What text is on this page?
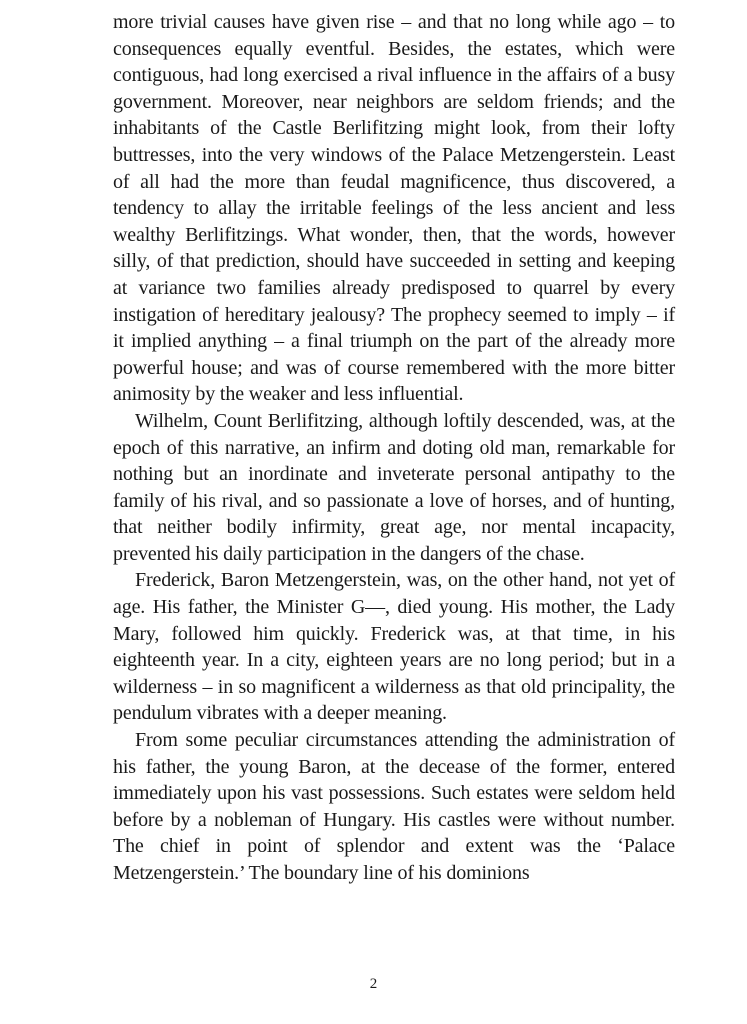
more trivial causes have given rise – and that no long while ago – to consequences equally eventful. Besides, the estates, which were contiguous, had long exercised a rival influence in the affairs of a busy government. Moreover, near neighbors are seldom friends; and the inhabitants of the Castle Berlifitzing might look, from their lofty buttresses, into the very windows of the Palace Metzengerstein. Least of all had the more than feudal magnificence, thus discovered, a tendency to allay the irritable feelings of the less ancient and less wealthy Berlifitzings. What wonder, then, that the words, however silly, of that prediction, should have succeeded in setting and keeping at variance two families already predisposed to quarrel by every instigation of hereditary jealousy? The prophecy seemed to imply – if it implied anything – a final triumph on the part of the already more powerful house; and was of course remembered with the more bitter animosity by the weaker and less influential.

Wilhelm, Count Berlifitzing, although loftily descended, was, at the epoch of this narrative, an infirm and doting old man, remarkable for nothing but an inordinate and inveterate personal antipathy to the family of his rival, and so passionate a love of horses, and of hunting, that neither bodily infirmity, great age, nor mental incapacity, prevented his daily participation in the dangers of the chase.

Frederick, Baron Metzengerstein, was, on the other hand, not yet of age. His father, the Minister G—, died young. His mother, the Lady Mary, followed him quickly. Frederick was, at that time, in his eighteenth year. In a city, eighteen years are no long period; but in a wilderness – in so magnificent a wilderness as that old principality, the pendulum vibrates with a deeper meaning.

From some peculiar circumstances attending the administration of his father, the young Baron, at the decease of the former, entered immediately upon his vast possessions. Such estates were seldom held before by a nobleman of Hungary. His castles were without number. The chief in point of splendor and extent was the ‘Palace Metzengerstein.’ The boundary line of his dominions

2
